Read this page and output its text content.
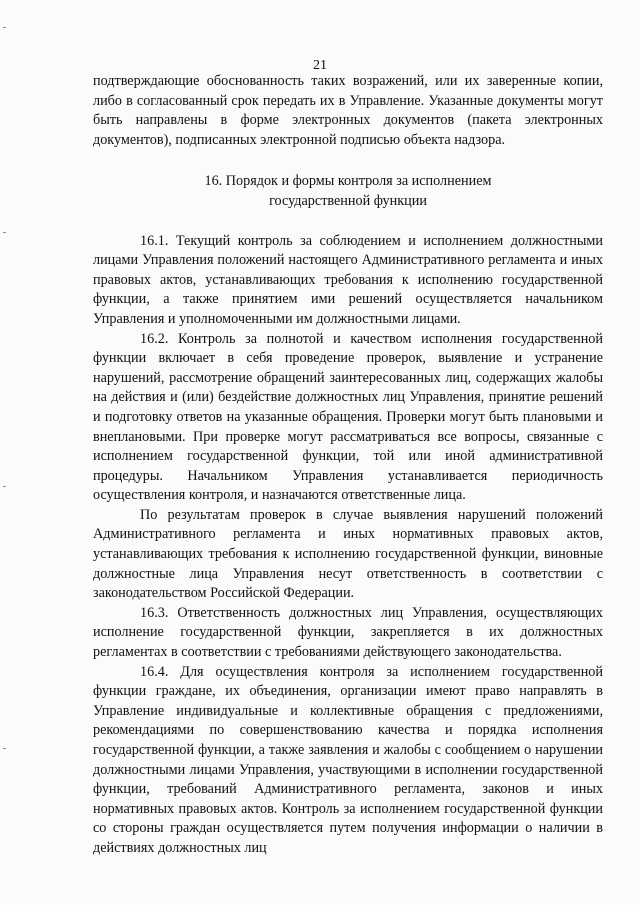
21

подтверждающие обоснованность таких возражений, или их заверенные копии, либо в согласованный срок передать их в Управление. Указанные документы могут быть направлены в форме электронных документов (пакета электронных документов), подписанных электронной подписью объекта надзора.

16. Порядок и формы контроля за исполнением
государственной функции

16.1. Текущий контроль за соблюдением и исполнением должностными лицами Управления положений настоящего Административного регламента и иных правовых актов, устанавливающих требования к исполнению государственной функции, а также принятием ими решений осуществляется начальником Управления и уполномоченными им должностными лицами.

16.2. Контроль за полнотой и качеством исполнения государственной функции включает в себя проведение проверок, выявление и устранение нарушений, рассмотрение обращений заинтересованных лиц, содержащих жалобы на действия и (или) бездействие должностных лиц Управления, принятие решений и подготовку ответов на указанные обращения. Проверки могут быть плановыми и внеплановыми. При проверке могут рассматриваться все вопросы, связанные с исполнением государственной функции, той или иной административной процедуры. Начальником Управления устанавливается периодичность осуществления контроля, и назначаются ответственные лица.

По результатам проверок в случае выявления нарушений положений Административного регламента и иных нормативных правовых актов, устанавливающих требования к исполнению государственной функции, виновные должностные лица Управления несут ответственность в соответствии с законодательством Российской Федерации.

16.3. Ответственность должностных лиц Управления, осуществляющих исполнение государственной функции, закрепляется в их должностных регламентах в соответствии с требованиями действующего законодательства.

16.4. Для осуществления контроля за исполнением государственной функции граждане, их объединения, организации имеют право направлять в Управление индивидуальные и коллективные обращения с предложениями, рекомендациями по совершенствованию качества и порядка исполнения государственной функции, а также заявления и жалобы с сообщением о нарушении должностными лицами Управления, участвующими в исполнении государственной функции, требований Административного регламента, законов и иных нормативных правовых актов. Контроль за исполнением государственной функции со стороны граждан осуществляется путем получения информации о наличии в действиях должностных лиц
